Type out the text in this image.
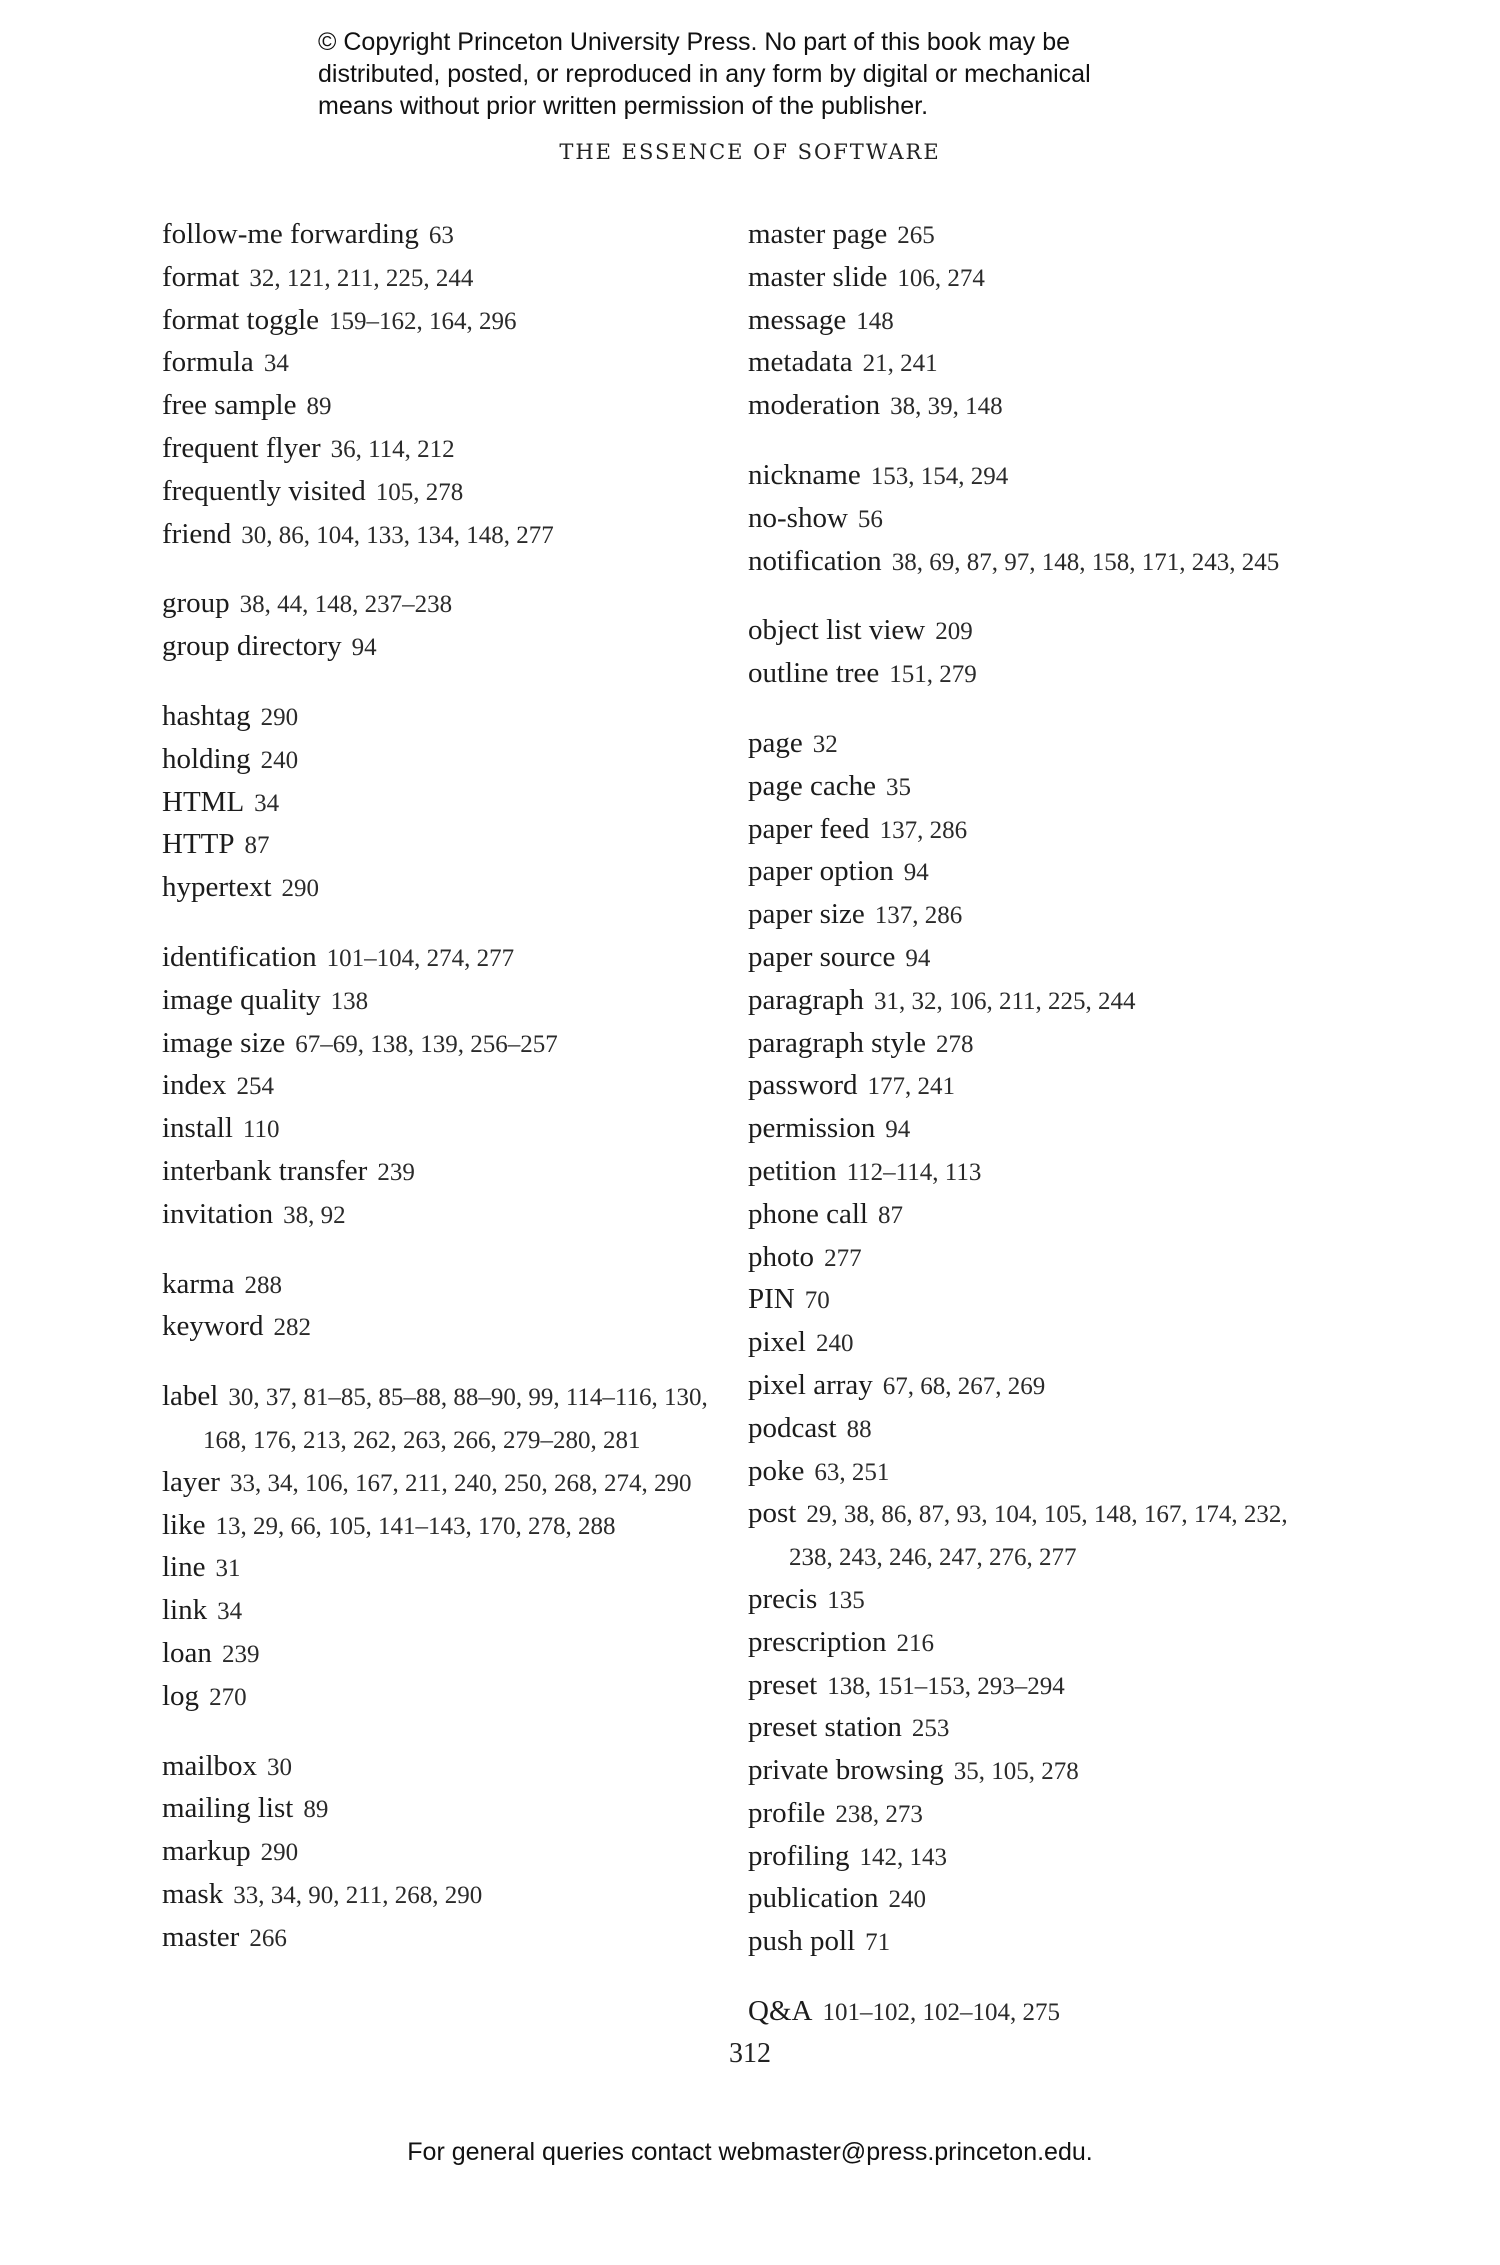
© Copyright Princeton University Press. No part of this book may be
distributed, posted, or reproduced in any form by digital or mechanical
means without prior written permission of the publisher.
THE ESSENCE OF SOFTWARE
follow-me forwarding 63
format 32, 121, 211, 225, 244
format toggle 159–162, 164, 296
formula 34
free sample 89
frequent flyer 36, 114, 212
frequently visited 105, 278
friend 30, 86, 104, 133, 134, 148, 277
group 38, 44, 148, 237–238
group directory 94
hashtag 290
holding 240
HTML 34
HTTP 87
hypertext 290
identification 101–104, 274, 277
image quality 138
image size 67–69, 138, 139, 256–257
index 254
install 110
interbank transfer 239
invitation 38, 92
karma 288
keyword 282
label 30, 37, 81–85, 85–88, 88–90, 99, 114–116, 130, 168, 176, 213, 262, 263, 266, 279–280, 281
layer 33, 34, 106, 167, 211, 240, 250, 268, 274, 290
like 13, 29, 66, 105, 141–143, 170, 278, 288
line 31
link 34
loan 239
log 270
mailbox 30
mailing list 89
markup 290
mask 33, 34, 90, 211, 268, 290
master 266
master page 265
master slide 106, 274
message 148
metadata 21, 241
moderation 38, 39, 148
nickname 153, 154, 294
no-show 56
notification 38, 69, 87, 97, 148, 158, 171, 243, 245
object list view 209
outline tree 151, 279
page 32
page cache 35
paper feed 137, 286
paper option 94
paper size 137, 286
paper source 94
paragraph 31, 32, 106, 211, 225, 244
paragraph style 278
password 177, 241
permission 94
petition 112–114, 113
phone call 87
photo 277
PIN 70
pixel 240
pixel array 67, 68, 267, 269
podcast 88
poke 63, 251
post 29, 38, 86, 87, 93, 104, 105, 148, 167, 174, 232, 238, 243, 246, 247, 276, 277
precis 135
prescription 216
preset 138, 151–153, 293–294
preset station 253
private browsing 35, 105, 278
profile 238, 273
profiling 142, 143
publication 240
push poll 71
Q&A 101–102, 102–104, 275
312
For general queries contact webmaster@press.princeton.edu.
